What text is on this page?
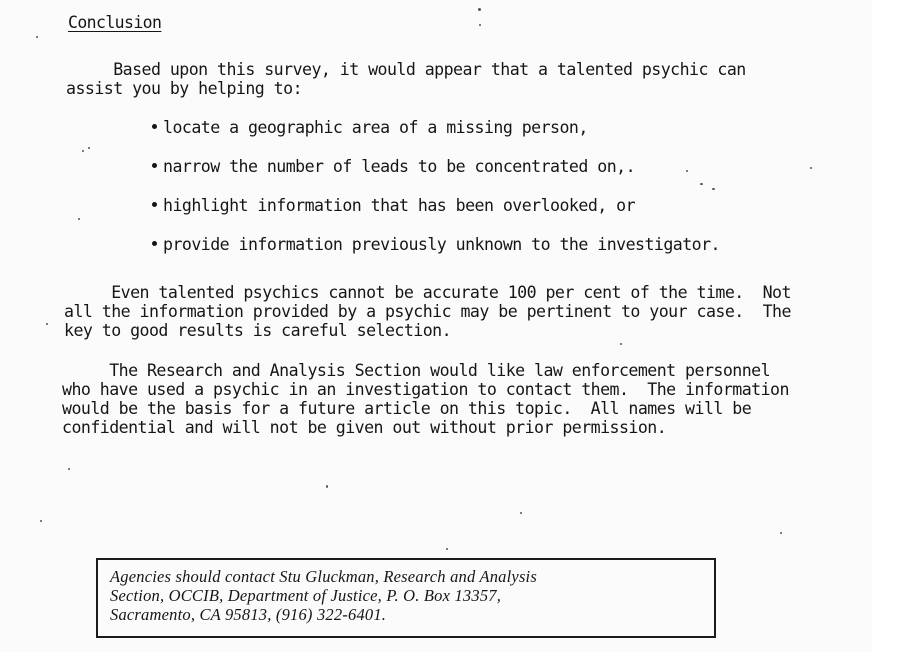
Conclusion
Based upon this survey, it would appear that a talented psychic can
assist you by helping to:
locate a geographic area of a missing person,
narrow the number of leads to be concentrated on,.
highlight information that has been overlooked, or
provide information previously unknown to the investigator.
Even talented psychics cannot be accurate 100 per cent of the time.  Not
all the information provided by a psychic may be pertinent to your case.  The
key to good results is careful selection.
The Research and Analysis Section would like law enforcement personnel
who have used a psychic in an investigation to contact them.  The information
would be the basis for a future article on this topic.  All names will be
confidential and will not be given out without prior permission.
Agencies should contact Stu Gluckman, Research and Analysis
Section, OCCIB, Department of Justice, P. O. Box 13357,
Sacramento, CA 95813, (916) 322-6401.
